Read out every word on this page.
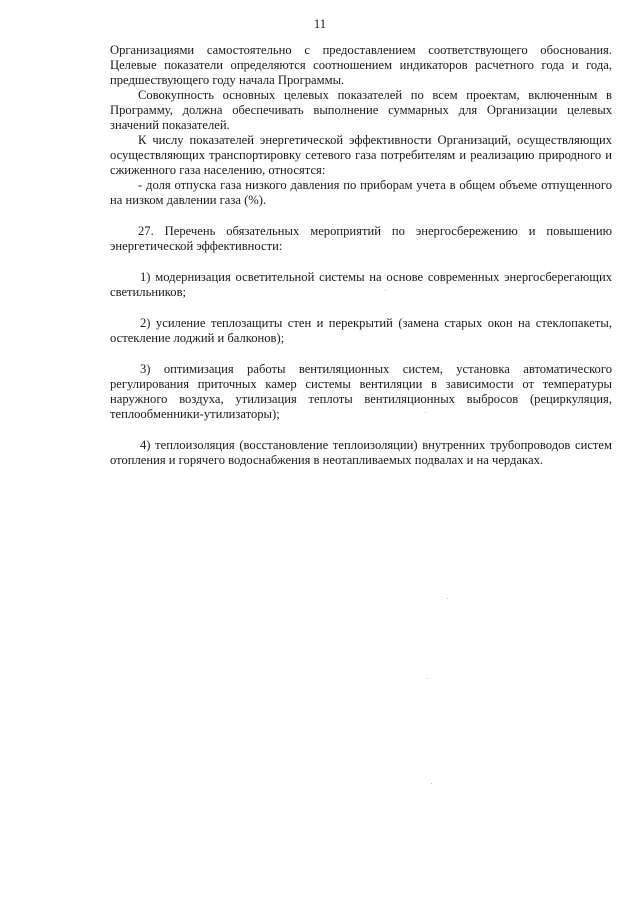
11

Организациями самостоятельно с предоставлением соответствующего обоснования. Целевые показатели определяются соотношением индикаторов расчетного года и года, предшествующего году начала Программы.

Совокупность основных целевых показателей по всем проектам, включенным в Программу, должна обеспечивать выполнение суммарных для Организации целевых значений показателей.

К числу показателей энергетической эффективности Организаций, осуществляющих осуществляющих транспортировку сетевого газа потребителям и реализацию природного и сжиженного газа населению, относятся:

- доля отпуска газа низкого давления по приборам учета в общем объеме отпущенного на низком давлении газа (%).

27. Перечень обязательных мероприятий по энергосбережению и повышению энергетической эффективности:

1) модернизация осветительной системы на основе современных энергосберегающих светильников;

2) усиление теплозащиты стен и перекрытий (замена старых окон на стеклопакеты, остекление лоджий и балконов);

3) оптимизация работы вентиляционных систем, установка автоматического регулирования приточных камер системы вентиляции в зависимости от температуры наружного воздуха, утилизация теплоты вентиляционных выбросов (рециркуляция, теплообменники-утилизаторы);

4) теплоизоляция (восстановление теплоизоляции) внутренних трубопроводов систем отопления и горячего водоснабжения в неотапливаемых подвалах и на чердаках.
